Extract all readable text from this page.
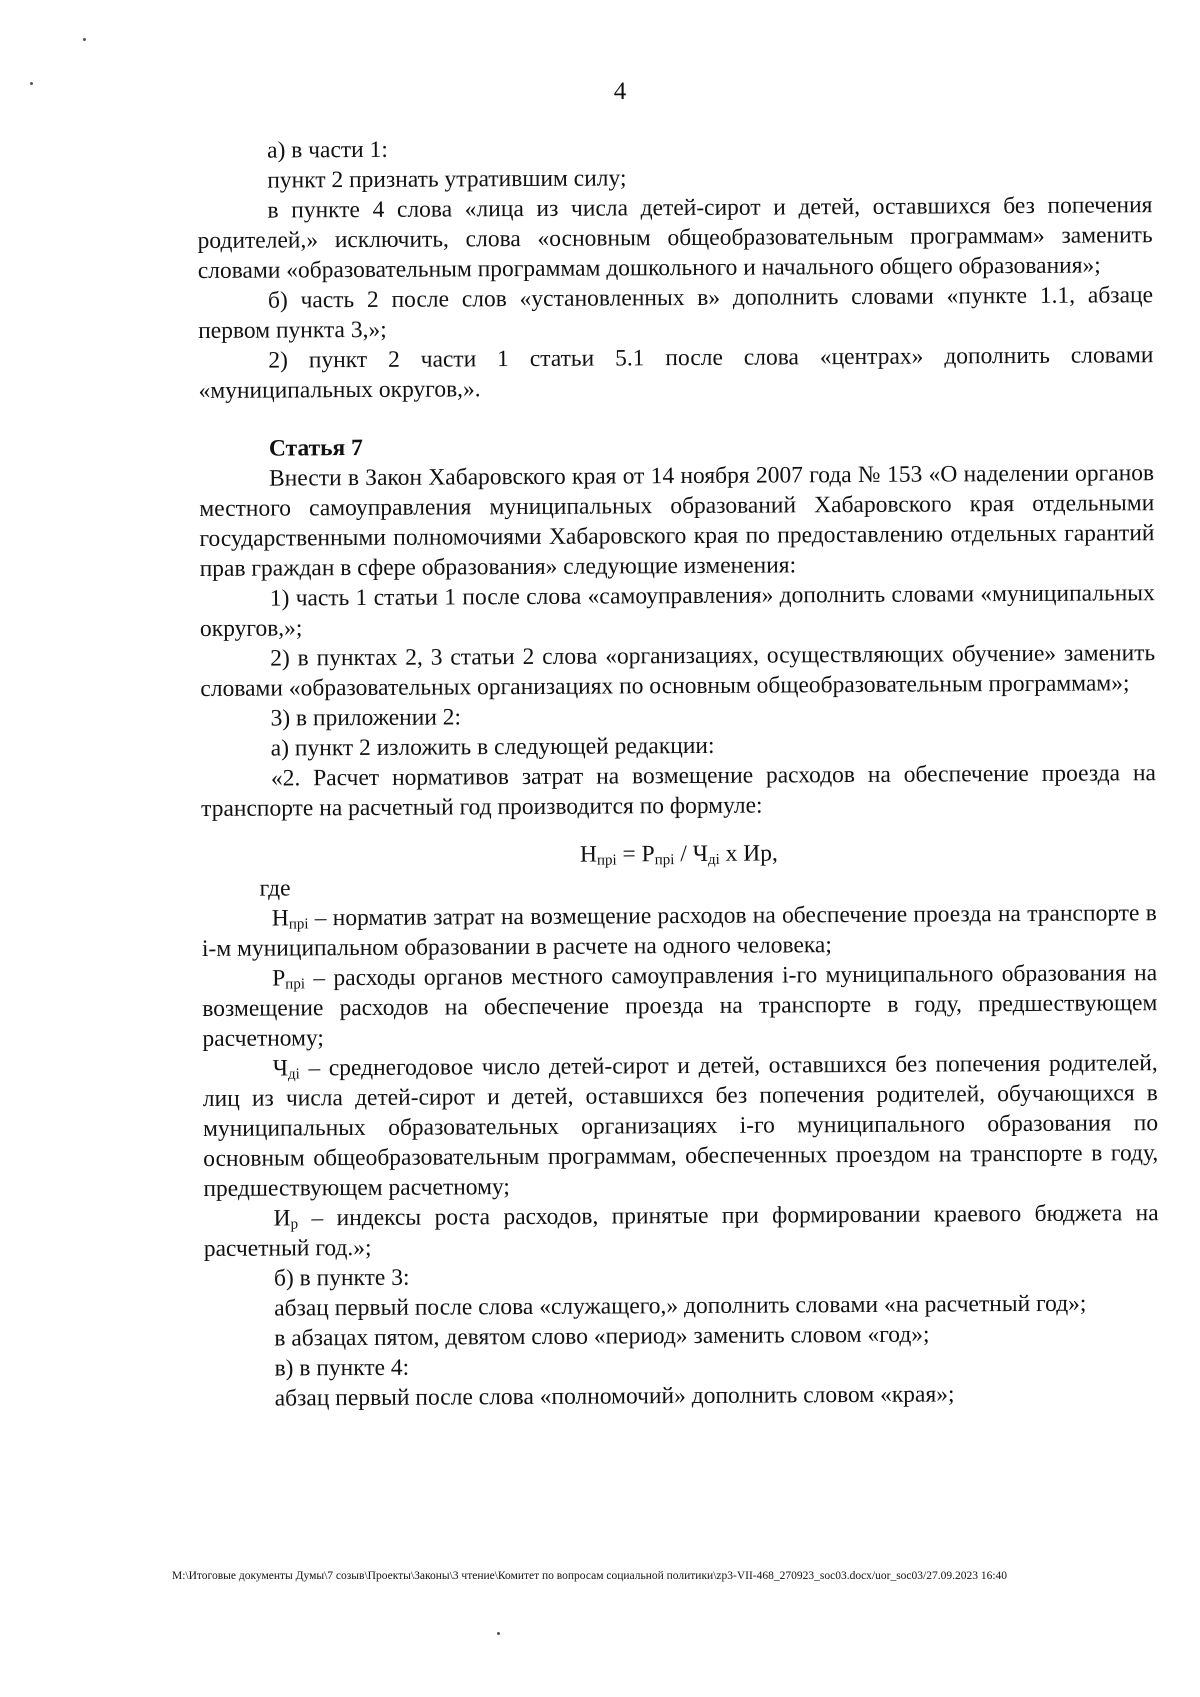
4

а) в части 1:

пункт 2 признать утратившим силу;

в пункте 4 слова «лица из числа детей-сирот и детей, оставшихся без попечения родителей,» исключить, слова «основным общеобразовательным программам» заменить словами «образовательным программам дошкольного и начального общего образования»;

б) часть 2 после слов «установленных в» дополнить словами «пункте 1.1, абзаце первом пункта 3,»;

2) пункт 2 части 1 статьи 5.1 после слова «центрах» дополнить словами «муниципальных округов,».

Статья 7

Внести в Закон Хабаровского края от 14 ноября 2007 года № 153 «О наделении органов местного самоуправления муниципальных образований Хабаровского края отдельными государственными полномочиями Хабаровского края по предоставлению отдельных гарантий прав граждан в сфере образования» следующие изменения:

1) часть 1 статьи 1 после слова «самоуправления» дополнить словами «муниципальных округов,»;

2) в пунктах 2, 3 статьи 2 слова «организациях, осуществляющих обучение» заменить словами «образовательных организациях по основным общеобразовательным программам»;

3) в приложении 2:

а) пункт 2 изложить в следующей редакции:

«2. Расчет нормативов затрат на возмещение расходов на обеспечение проезда на транспорте на расчетный год производится по формуле:

$Н_{прi} = Р_{прi} / Ч_{дi}$ х Ир,

где

$Н_{прi}$ – норматив затрат на возмещение расходов на обеспечение проезда на транспорте в i-м муниципальном образовании в расчете на одного человека;

$Р_{прi}$ – расходы органов местного самоуправления i-го муниципального образования на возмещение расходов на обеспечение проезда на транспорте в году, предшествующем расчетному;

$Ч_{дi}$ – среднегодовое число детей-сирот и детей, оставшихся без попечения родителей, лиц из числа детей-сирот и детей, оставшихся без попечения родителей, обучающихся в муниципальных образовательных организациях i-го муниципального образования по основным общеобразовательным программам, обеспеченных проездом на транспорте в году, предшествующем расчетному;

$И_р$ – индексы роста расходов, принятые при формировании краевого бюджета на расчетный год.»;

б) в пункте 3:

абзац первый после слова «служащего,» дополнить словами «на расчетный год»;

в абзацах пятом, девятом слово «период» заменить словом «год»;

в) в пункте 4:

абзац первый после слова «полномочий» дополнить словом «края»;

М:\Итоговые документы Думы\7 созыв\Проекты\Законы\3 чтение\Комитет по вопросам социальной политики\zp3-VII-468_270923_soc03.docx/uor_soc03/27.09.2023 16:40
